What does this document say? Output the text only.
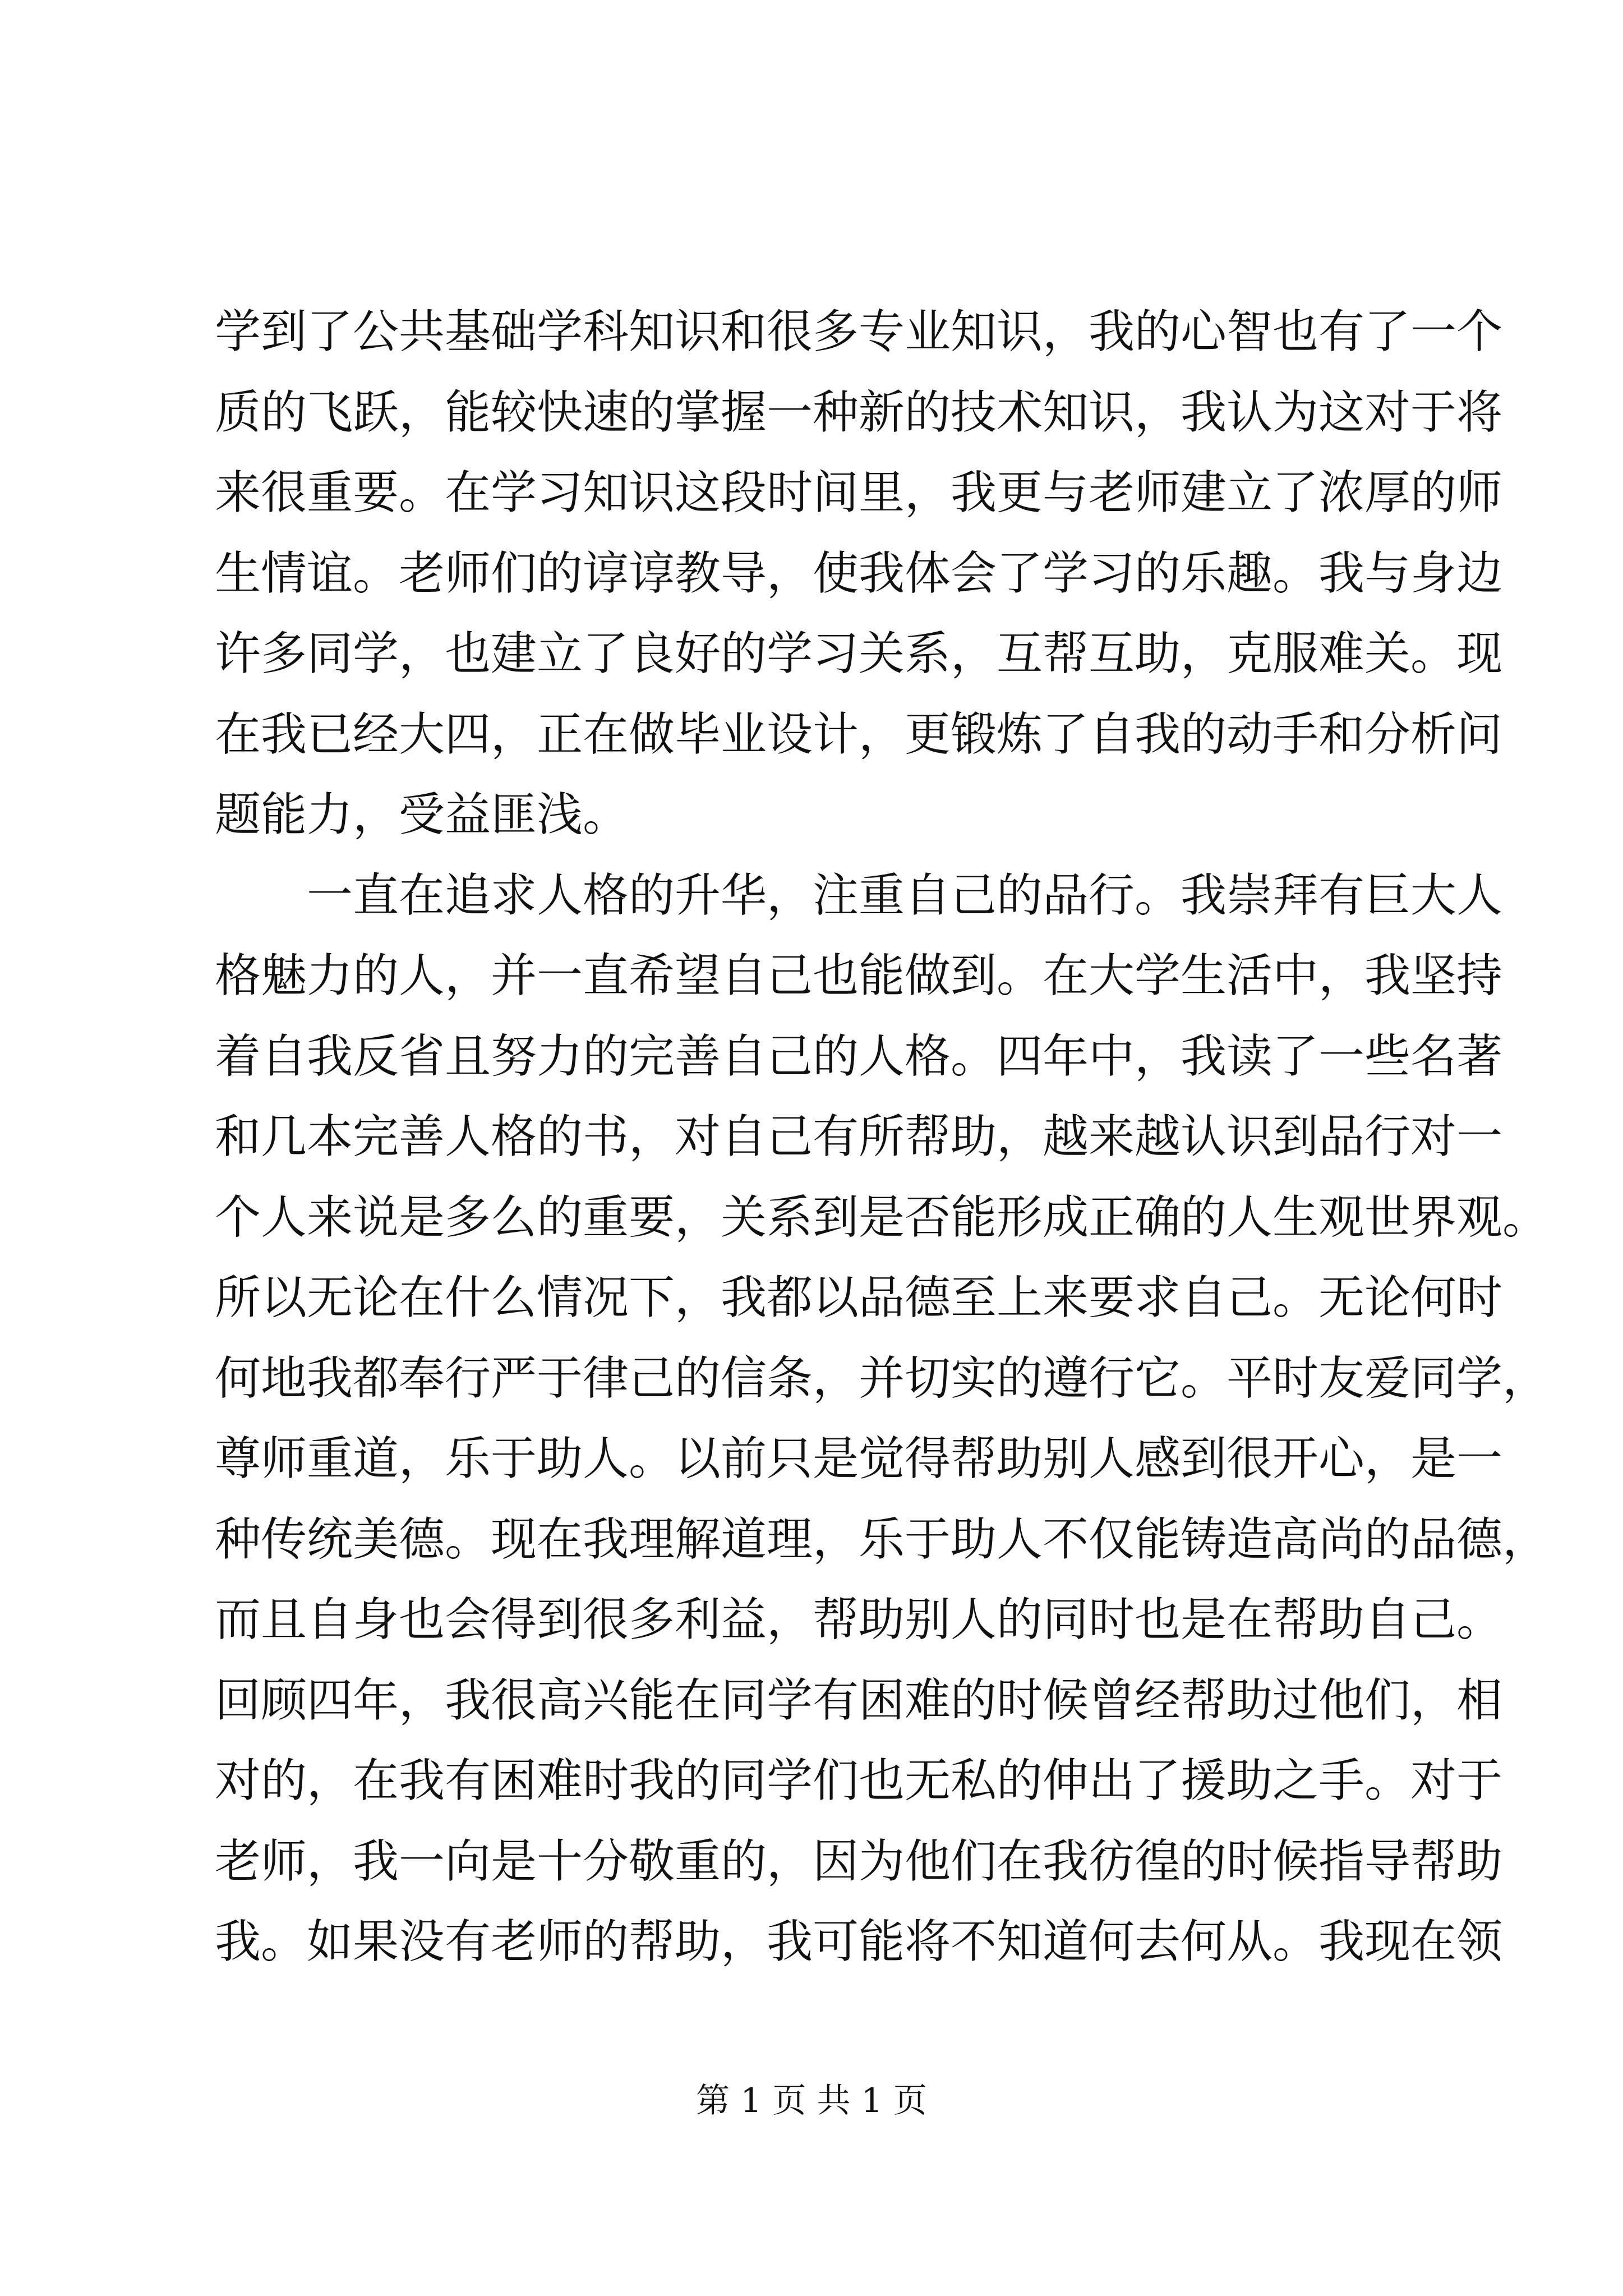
学到了公共基础学科知识和很多专业知识，我的心智也有了一个
质的飞跃，能较快速的掌握一种新的技术知识，我认为这对于将
来很重要。在学习知识这段时间里，我更与老师建立了浓厚的师
生情谊。老师们的谆谆教导，使我体会了学习的乐趣。我与身边
许多同学，也建立了良好的学习关系，互帮互助，克服难关。现
在我已经大四，正在做毕业设计，更锻炼了自我的动手和分析问
题能力，受益匪浅。
一直在追求人格的升华，注重自己的品行。我崇拜有巨大人
格魅力的人，并一直希望自己也能做到。在大学生活中，我坚持
着自我反省且努力的完善自己的人格。四年中，我读了一些名著
和几本完善人格的书，对自己有所帮助，越来越认识到品行对一
个人来说是多么的重要，关系到是否能形成正确的人生观世界观。
所以无论在什么情况下，我都以品德至上来要求自己。无论何时
何地我都奉行严于律己的信条，并切实的遵行它。平时友爱同学，
尊师重道，乐于助人。以前只是觉得帮助别人感到很开心，是一
种传统美德。现在我理解道理，乐于助人不仅能铸造高尚的品德，
而且自身也会得到很多利益，帮助别人的同时也是在帮助自己。
回顾四年，我很高兴能在同学有困难的时候曾经帮助过他们，相
对的，在我有困难时我的同学们也无私的伸出了援助之手。对于
老师，我一向是十分敬重的，因为他们在我彷徨的时候指导帮助
我。如果没有老师的帮助，我可能将不知道何去何从。我现在领
第 1 页 共 1 页
